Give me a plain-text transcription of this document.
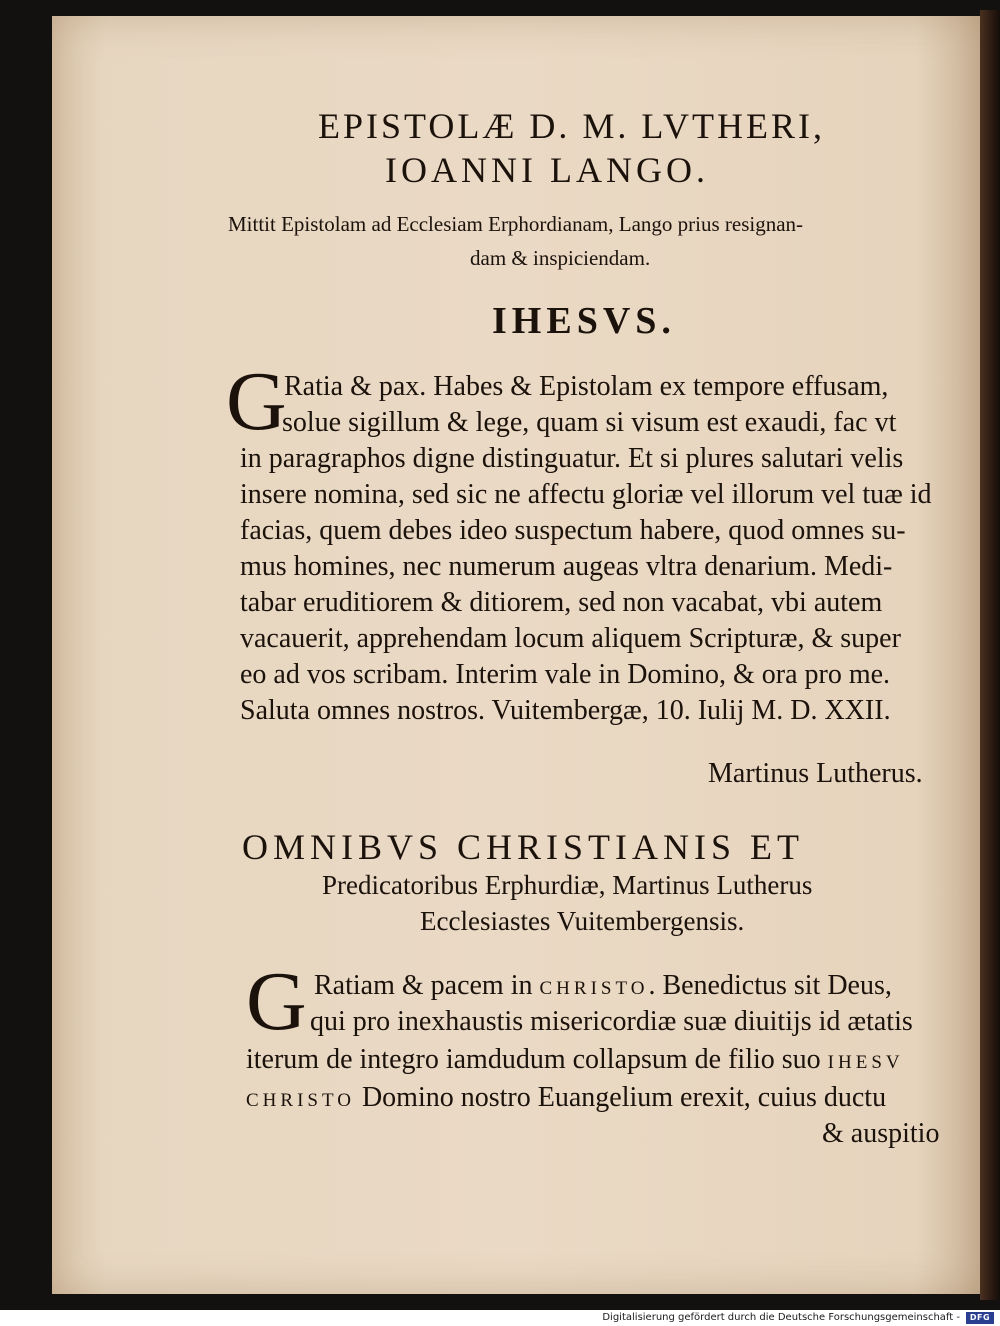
EPISTOLÆ D. M. LVTHERI,
IOANNI LANGO.
Mittit Epistolam ad Ecclesiam Erphordianam, Lango prius resignan-
dam & inspiciendam.
IHESVS.
G
Ratia & pax. Habes & Epistolam ex tempore effusam,
solue sigillum & lege, quam si visum est exaudi, fac vt
in paragraphos digne distinguatur. Et si plures salutari velis
insere nomina, sed sic ne affectu gloriæ vel illorum vel tuæ id
facias, quem debes ideo suspectum habere, quod omnes su-
mus homines, nec numerum augeas vltra denarium. Medi-
tabar eruditiorem & ditiorem, sed non vacabat, vbi autem
vacauerit, apprehendam locum aliquem Scripturæ, & super
eo ad vos scribam. Interim vale in Domino, & ora pro me.
Saluta omnes nostros. Vuitembergæ, 10. Iulij M. D. XXII.
Martinus Lutherus.
OMNIBVS CHRISTIANIS ET
Predicatoribus Erphurdiæ, Martinus Lutherus
Ecclesiastes Vuitembergensis.
G Ratiam & pacem in CHRISTO. Benedictus sit Deus,
qui pro inexhaustis misericordiæ suæ diuitijs id ætatis
iterum de integro iamdudum collapsum de filio suo IHESV
CHRISTO Domino nostro Euangelium erexit, cuius ductu
& auspitio
Digitalisierung gefördert durch die Deutsche Forschungsgemeinschaft -	DFG
